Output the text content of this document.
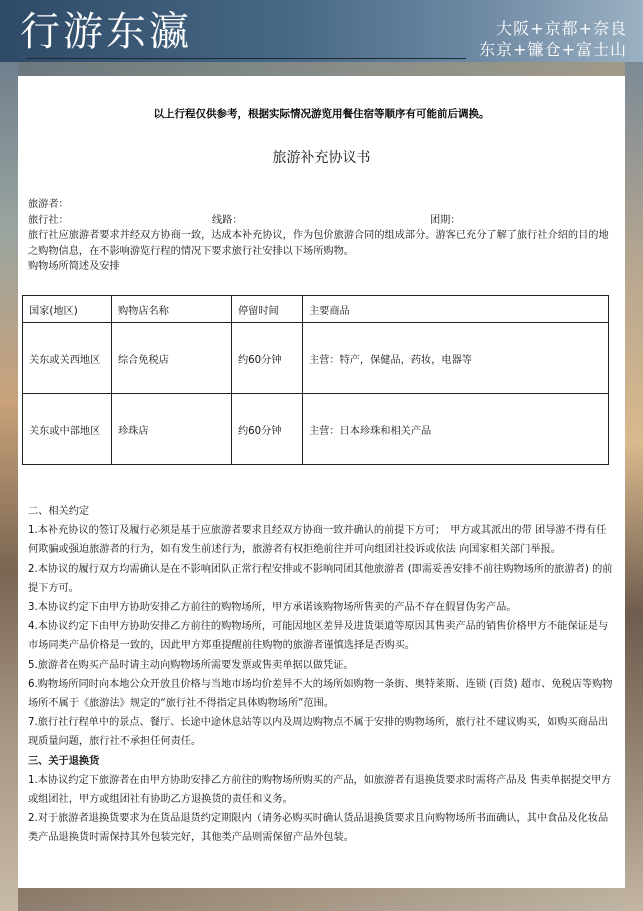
行游东瀛	大阪+京都+奈良
东京+镰仓+富士山
以上行程仅供参考，根据实际情况游览用餐住宿等顺序有可能前后调换。
旅游补充协议书
旅游者：
旅行社：	线路：	团期：
旅行社应旅游者要求并经双方协商一致，达成本补充协议，作为包价旅游合同的组成部分。游客已充分了解了旅行社介绍的目的地之购物信息，在不影响游览行程的情况下要求旅行社安排以下场所购物。
购物场所简述及安排
国家(地区)	购物店名称	停留时间	主要商品
关东或关西地区	综合免税店	约60分钟	主营：特产，保健品，药妆，电器等
关东或中部地区	珍珠店	约60分钟	主营：日本珍珠和相关产品

二、相关约定

1.本补充协议的签订及履行必须是基于应旅游者要求且经双方协商一致并确认的前提下方可；　甲方或其派出的带 团导游不得有任何欺骗或强迫旅游者的行为，如有发生前述行为，旅游者有权拒绝前往并可向组团社投诉或依法 向国家相关部门举报。

2.本协议的履行双方均需确认是在不影响团队正常行程安排或不影响同团其他旅游者 (即需妥善安排不前往购物场所的旅游者) 的前提下方可。

3.本协议约定下由甲方协助安排乙方前往的购物场所，甲方承诺该购物场所售卖的产品不存在假冒伪劣产品。

4.本协议约定下由甲方协助安排乙方前往的购物场所，可能因地区差异及进货渠道等原因其售卖产品的销售价格甲方不能保证是与市场同类产品价格是一致的，因此甲方郑重提醒前往购物的旅游者谨慎选择是否购买。

5.旅游者在购买产品时请主动向购物场所需要发票或售卖单据以做凭证。

6.购物场所同时向本地公众开放且价格与当地市场均价差异不大的场所如购物一条街、奥特莱斯、连锁 (百货) 超市、免税店等购物场所不属于《旅游法》规定的“旅行社不得指定具体购物场所”范围。

7.旅行社行程单中的景点、餐厅、长途中途休息站等以内及周边购物点不属于安排的购物场所，旅行社不建议购买，如购买商品出现质量问题，旅行社不承担任何责任。

三、关于退换货

1.本协议约定下旅游者在由甲方协助安排乙方前往的购物场所购买的产品，如旅游者有退换货要求时需将产品及 售卖单据提交甲方或组团社，甲方或组团社有协助乙方退换货的责任和义务。

2.对于旅游者退换货要求为在货品退货约定期限内（请务必购买时确认货品退换货要求且向购物场所书面确认，其中食品及化妆品类产品退换货时需保持其外包装完好，其他类产品则需保留产品外包装。
